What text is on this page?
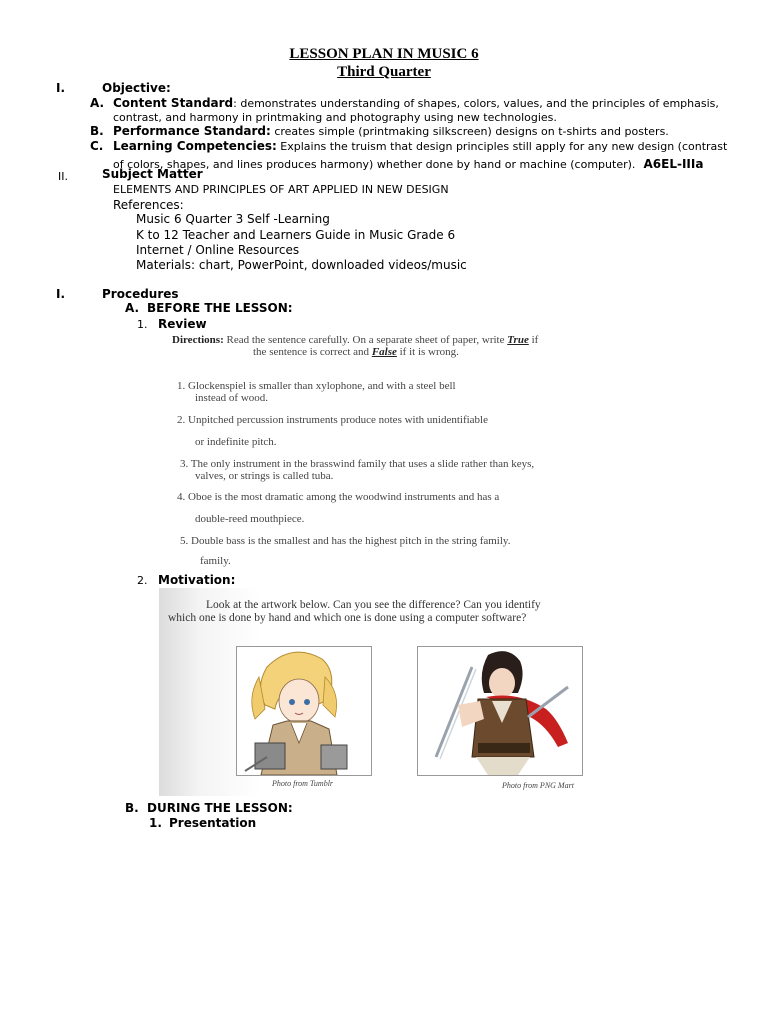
LESSON PLAN IN MUSIC 6
Third Quarter
I.	Objective:
A. Content Standard: demonstrates understanding of shapes, colors, values, and the principles of emphasis,
contrast, and harmony in printmaking and photography using new technologies.
B. Performance Standard: creates simple (printmaking silkscreen) designs on t-shirts and posters.
C. Learning Competencies: Explains the truism that design principles still apply for any new design (contrast
of colors, shapes, and lines produces harmony) whether done by hand or machine (computer). A6EL-IIIa
II.	Subject Matter
ELEMENTS AND PRINCIPLES OF ART APPLIED IN NEW DESIGN
References:
Music 6 Quarter 3 Self -Learning
K to 12 Teacher and Learners Guide in Music Grade 6
Internet / Online Resources
Materials: chart, PowerPoint, downloaded videos/music
I.	Procedures
A. BEFORE THE LESSON:
1. Review
Directions: Read the sentence carefully. On a separate sheet of paper, write True if
the sentence is correct and False if it is wrong.
1. Glockenspiel is smaller than xylophone, and with a steel bell
instead of wood.
2. Unpitched percussion instruments produce notes with unidentifiable
or indefinite pitch.
3. The only instrument in the brasswind family that uses a slide rather than keys,
valves, or strings is called tuba.
4. Oboe is the most dramatic among the woodwind instruments and has a
double-reed mouthpiece.
5. Double bass is the smallest and has the highest pitch in the string family.
family.
2. Motivation:
Look at the artwork below. Can you see the difference? Can you identify
which one is done by hand and which one is done using a computer software?
Photo from Tumblr	Photo from PNG Mart
B. DURING THE LESSON:
1. Presentation
